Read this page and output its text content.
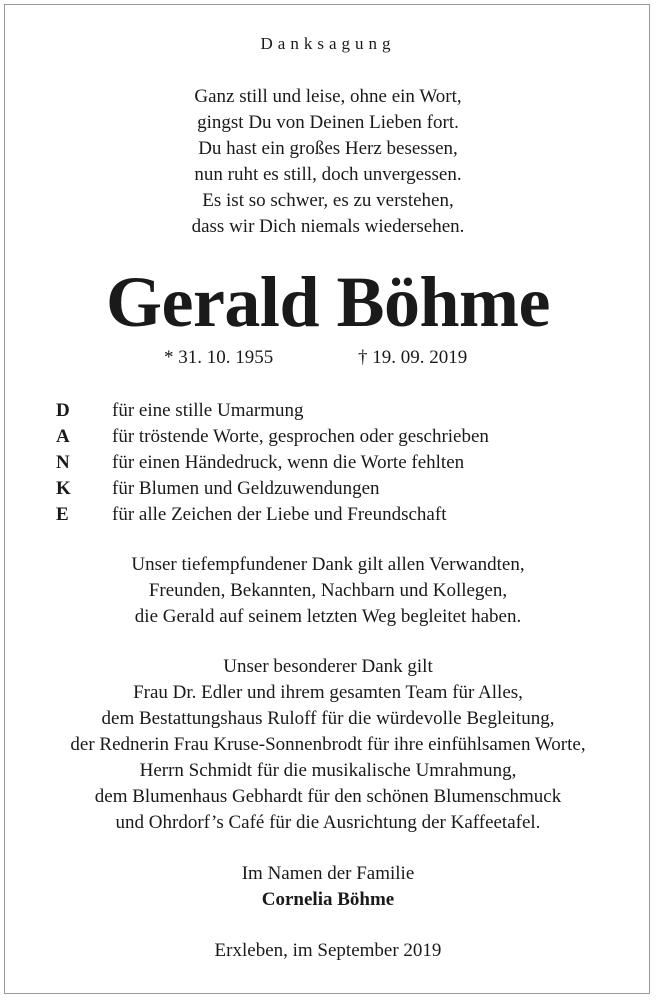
Danksagung
Ganz still und leise, ohne ein Wort,
gingst Du von Deinen Lieben fort.
Du hast ein großes Herz besessen,
nun ruht es still, doch unvergessen.
Es ist so schwer, es zu verstehen,
dass wir Dich niemals wiedersehen.
Gerald Böhme
* 31. 10. 1955	† 19. 09. 2019
D	für eine stille Umarmung
A	für tröstende Worte, gesprochen oder geschrieben
N	für einen Händedruck, wenn die Worte fehlten
K	für Blumen und Geldzuwendungen
E	für alle Zeichen der Liebe und Freundschaft
Unser tiefempfundener Dank gilt allen Verwandten,
Freunden, Bekannten, Nachbarn und Kollegen,
die Gerald auf seinem letzten Weg begleitet haben.
Unser besonderer Dank gilt
Frau Dr. Edler und ihrem gesamten Team für Alles,
dem Bestattungshaus Ruloff für die würdevolle Begleitung,
der Rednerin Frau Kruse-Sonnenbrodt für ihre einfühlsamen Worte,
Herrn Schmidt für die musikalische Umrahmung,
dem Blumenhaus Gebhardt für den schönen Blumenschmuck
und Ohrdorf’s Café für die Ausrichtung der Kaffeetafel.
Im Namen der Familie
Cornelia Böhme
Erxleben, im September 2019
